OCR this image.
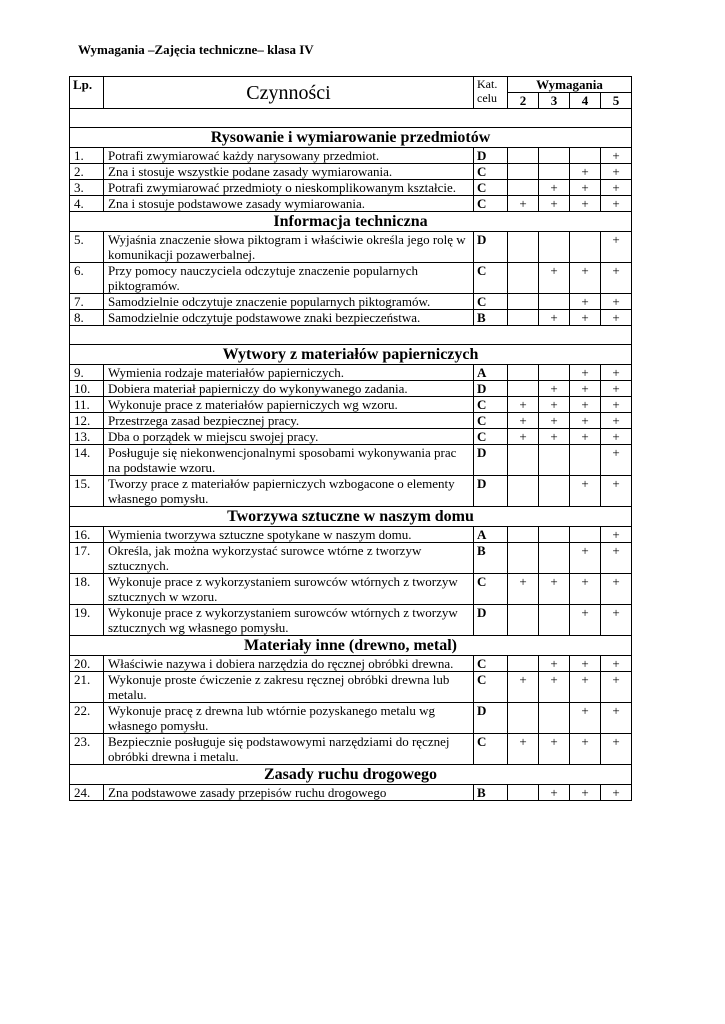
Wymagania –Zajęcia techniczne– klasa IV
Lp.	Czynności	Kat.
celu	Wymagania			
			2	3	4	5

Rysowanie i wymiarowanie przedmiotów						
1.	Potrafi zwymiarować każdy narysowany przedmiot.	D				+
2.	Zna i stosuje wszystkie podane zasady wymiarowania.	C			+	+
3.	Potrafi zwymiarować przedmioty o nieskomplikowanym kształcie.	C		+	+	+
4.	Zna i stosuje podstawowe zasady wymiarowania.	C	+	+	+	+
Informacja techniczna						
5.	Wyjaśnia znaczenie słowa piktogram i właściwie określa jego rolę w komunikacji pozawerbalnej.	D				+
6.	Przy pomocy nauczyciela odczytuje znaczenie popularnych piktogramów.	C		+	+	+
7.	Samodzielnie odczytuje znaczenie popularnych piktogramów.	C			+	+
8.	Samodzielnie odczytuje podstawowe znaki bezpieczeństwa.	B		+	+	+

Wytwory z materiałów papierniczych						
9.	Wymienia rodzaje materiałów papierniczych.	A			+	+
10.	Dobiera materiał papierniczy do wykonywanego zadania.	D		+	+	+
11.	Wykonuje prace z materiałów papierniczych wg wzoru.	C	+	+	+	+
12.	Przestrzega zasad bezpiecznej pracy.	C	+	+	+	+
13.	Dba o porządek w miejscu swojej pracy.	C	+	+	+	+
14.	Posługuje się niekonwencjonalnymi sposobami wykonywania prac na podstawie wzoru.	D				+
15.	Tworzy prace z materiałów papierniczych wzbogacone o elementy własnego pomysłu.	D			+	+
Tworzywa sztuczne w naszym domu						
16.	Wymienia tworzywa sztuczne spotykane w naszym domu.	A				+
17.	Określa, jak można wykorzystać surowce wtórne z tworzyw sztucznych.	B			+	+
18.	Wykonuje prace z wykorzystaniem surowców wtórnych z tworzyw sztucznych w wzoru.	C	+	+	+	+
19.	Wykonuje prace z wykorzystaniem surowców wtórnych z tworzyw sztucznych wg własnego pomysłu.	D			+	+
Materiały inne (drewno, metal)						
20.	Właściwie nazywa i dobiera narzędzia do ręcznej obróbki drewna.	C		+	+	+
21.	Wykonuje proste ćwiczenie z zakresu ręcznej obróbki drewna lub metalu.	C	+	+	+	+
22.	Wykonuje pracę z drewna lub wtórnie pozyskanego metalu wg własnego pomysłu.	D			+	+
23.	Bezpiecznie posługuje się podstawowymi narzędziami do ręcznej obróbki drewna i metalu.	C	+	+	+	+
Zasady ruchu drogowego						
24.	Zna podstawowe zasady przepisów ruchu drogowego	B		+	+	+
